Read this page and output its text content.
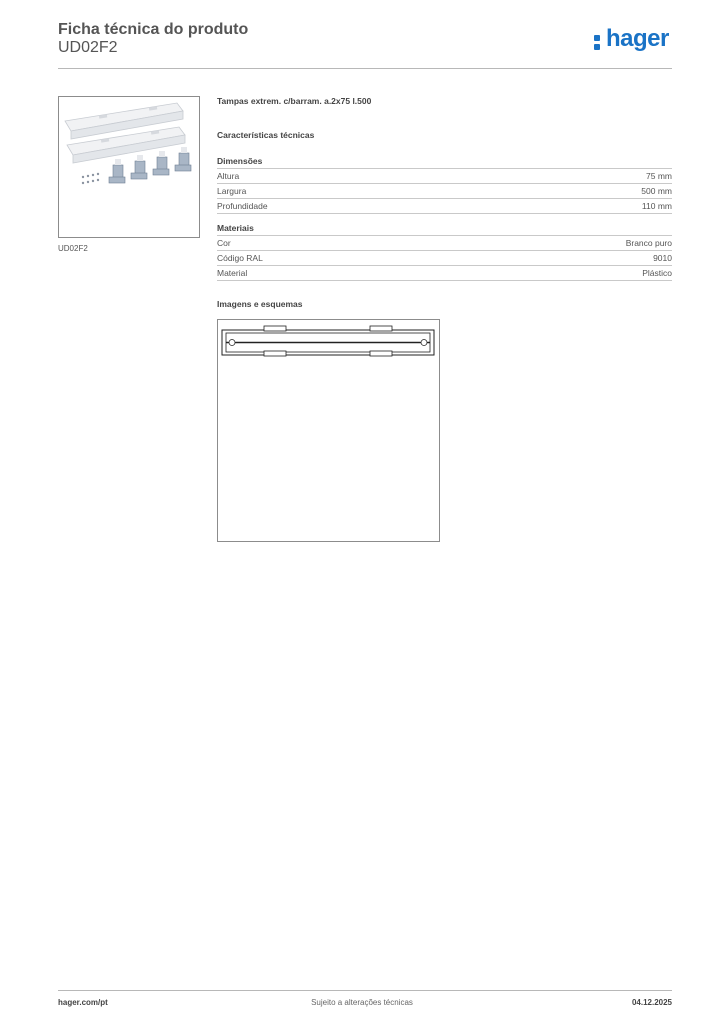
Ficha técnica do produto
UD02F2	hager
UD02F2
Tampas extrem. c/barram. a.2x75 l.500
Características técnicas
Dimensões
Altura	75 mm
Largura	500 mm
Profundidade	110 mm
Materiais
Cor	Branco puro
Código RAL	9010
Material	Plástico
Imagens e esquemas
hager.com/pt	Sujeito a alterações técnicas	04.12.2025
